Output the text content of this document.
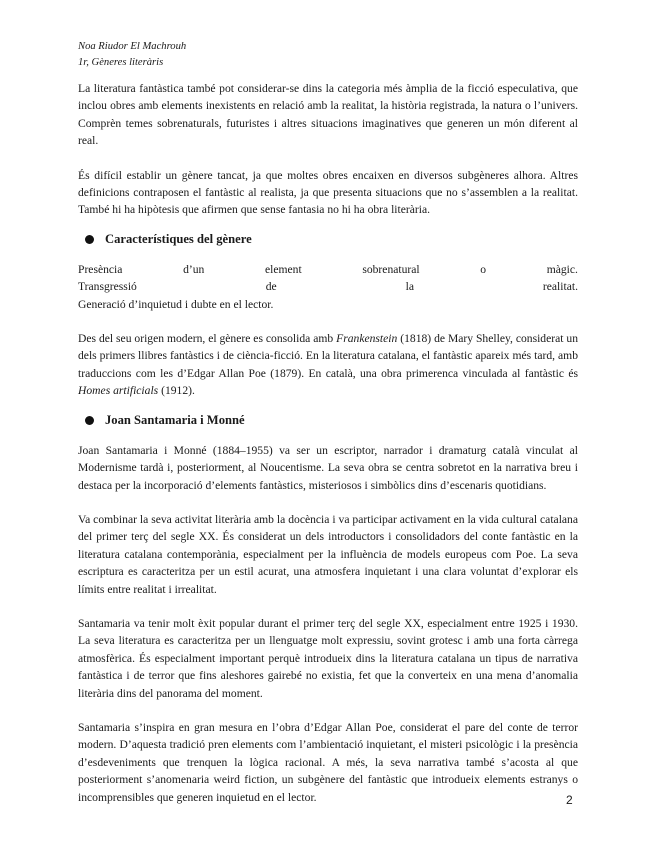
Noa Riudor El Machrouh
1r, Gèneres literàris

La literatura fantàstica també pot considerar-se dins la categoria més àmplia de la ficció especulativa, que inclou obres amb elements inexistents en relació amb la realitat, la història registrada, la natura o l’univers. Comprèn temes sobrenaturals, futuristes i altres situacions imaginatives que generen un món diferent al real.

És difícil establir un gènere tancat, ja que moltes obres encaixen en diversos subgèneres alhora. Altres definicions contraposen el fantàstic al realista, ja que presenta situacions que no s’assemblen a la realitat. També hi ha hipòtesis que afirmen que sense fantasia no hi ha obra literària.

Característiques del gènere
Presència	d’un	element	sobrenatural	o	màgic.
Transgressió	de	la	realitat.
Generació d’inquietud i dubte en el lector.

Des del seu origen modern, el gènere es consolida amb Frankenstein (1818) de Mary Shelley, considerat un dels primers llibres fantàstics i de ciència-ficció. En la literatura catalana, el fantàstic apareix més tard, amb traduccions com les d’Edgar Allan Poe (1879). En català, una obra primerenca vinculada al fantàstic és Homes artificials (1912).

Joan Santamaria i Monné

Joan Santamaria i Monné (1884–1955) va ser un escriptor, narrador i dramaturg català vinculat al Modernisme tardà i, posteriorment, al Noucentisme. La seva obra se centra sobretot en la narrativa breu i destaca per la incorporació d’elements fantàstics, misteriosos i simbòlics dins d’escenaris quotidians.

Va combinar la seva activitat literària amb la docència i va participar activament en la vida cultural catalana del primer terç del segle XX. És considerat un dels introductors i consolidadors del conte fantàstic en la literatura catalana contemporània, especialment per la influència de models europeus com Poe. La seva escriptura es caracteritza per un estil acurat, una atmosfera inquietant i una clara voluntat d’explorar els límits entre realitat i irrealitat.

Santamaria va tenir molt èxit popular durant el primer terç del segle XX, especialment entre 1925 i 1930. La seva literatura es caracteritza per un llenguatge molt expressiu, sovint grotesc i amb una forta càrrega atmosfèrica. És especialment important perquè introdueix dins la literatura catalana un tipus de narrativa fantàstica i de terror que fins aleshores gairebé no existia, fet que la converteix en una mena d’anomalia literària dins del panorama del moment.

Santamaria s’inspira en gran mesura en l’obra d’Edgar Allan Poe, considerat el pare del conte de terror modern. D’aquesta tradició pren elements com l’ambientació inquietant, el misteri psicològic i la presència d’esdeveniments que trenquen la lògica racional. A més, la seva narrativa també s’acosta al que posteriorment s’anomenaria weird fiction, un subgènere del fantàstic que introdueix elements estranys o incomprensibles que generen inquietud en el lector.	2
